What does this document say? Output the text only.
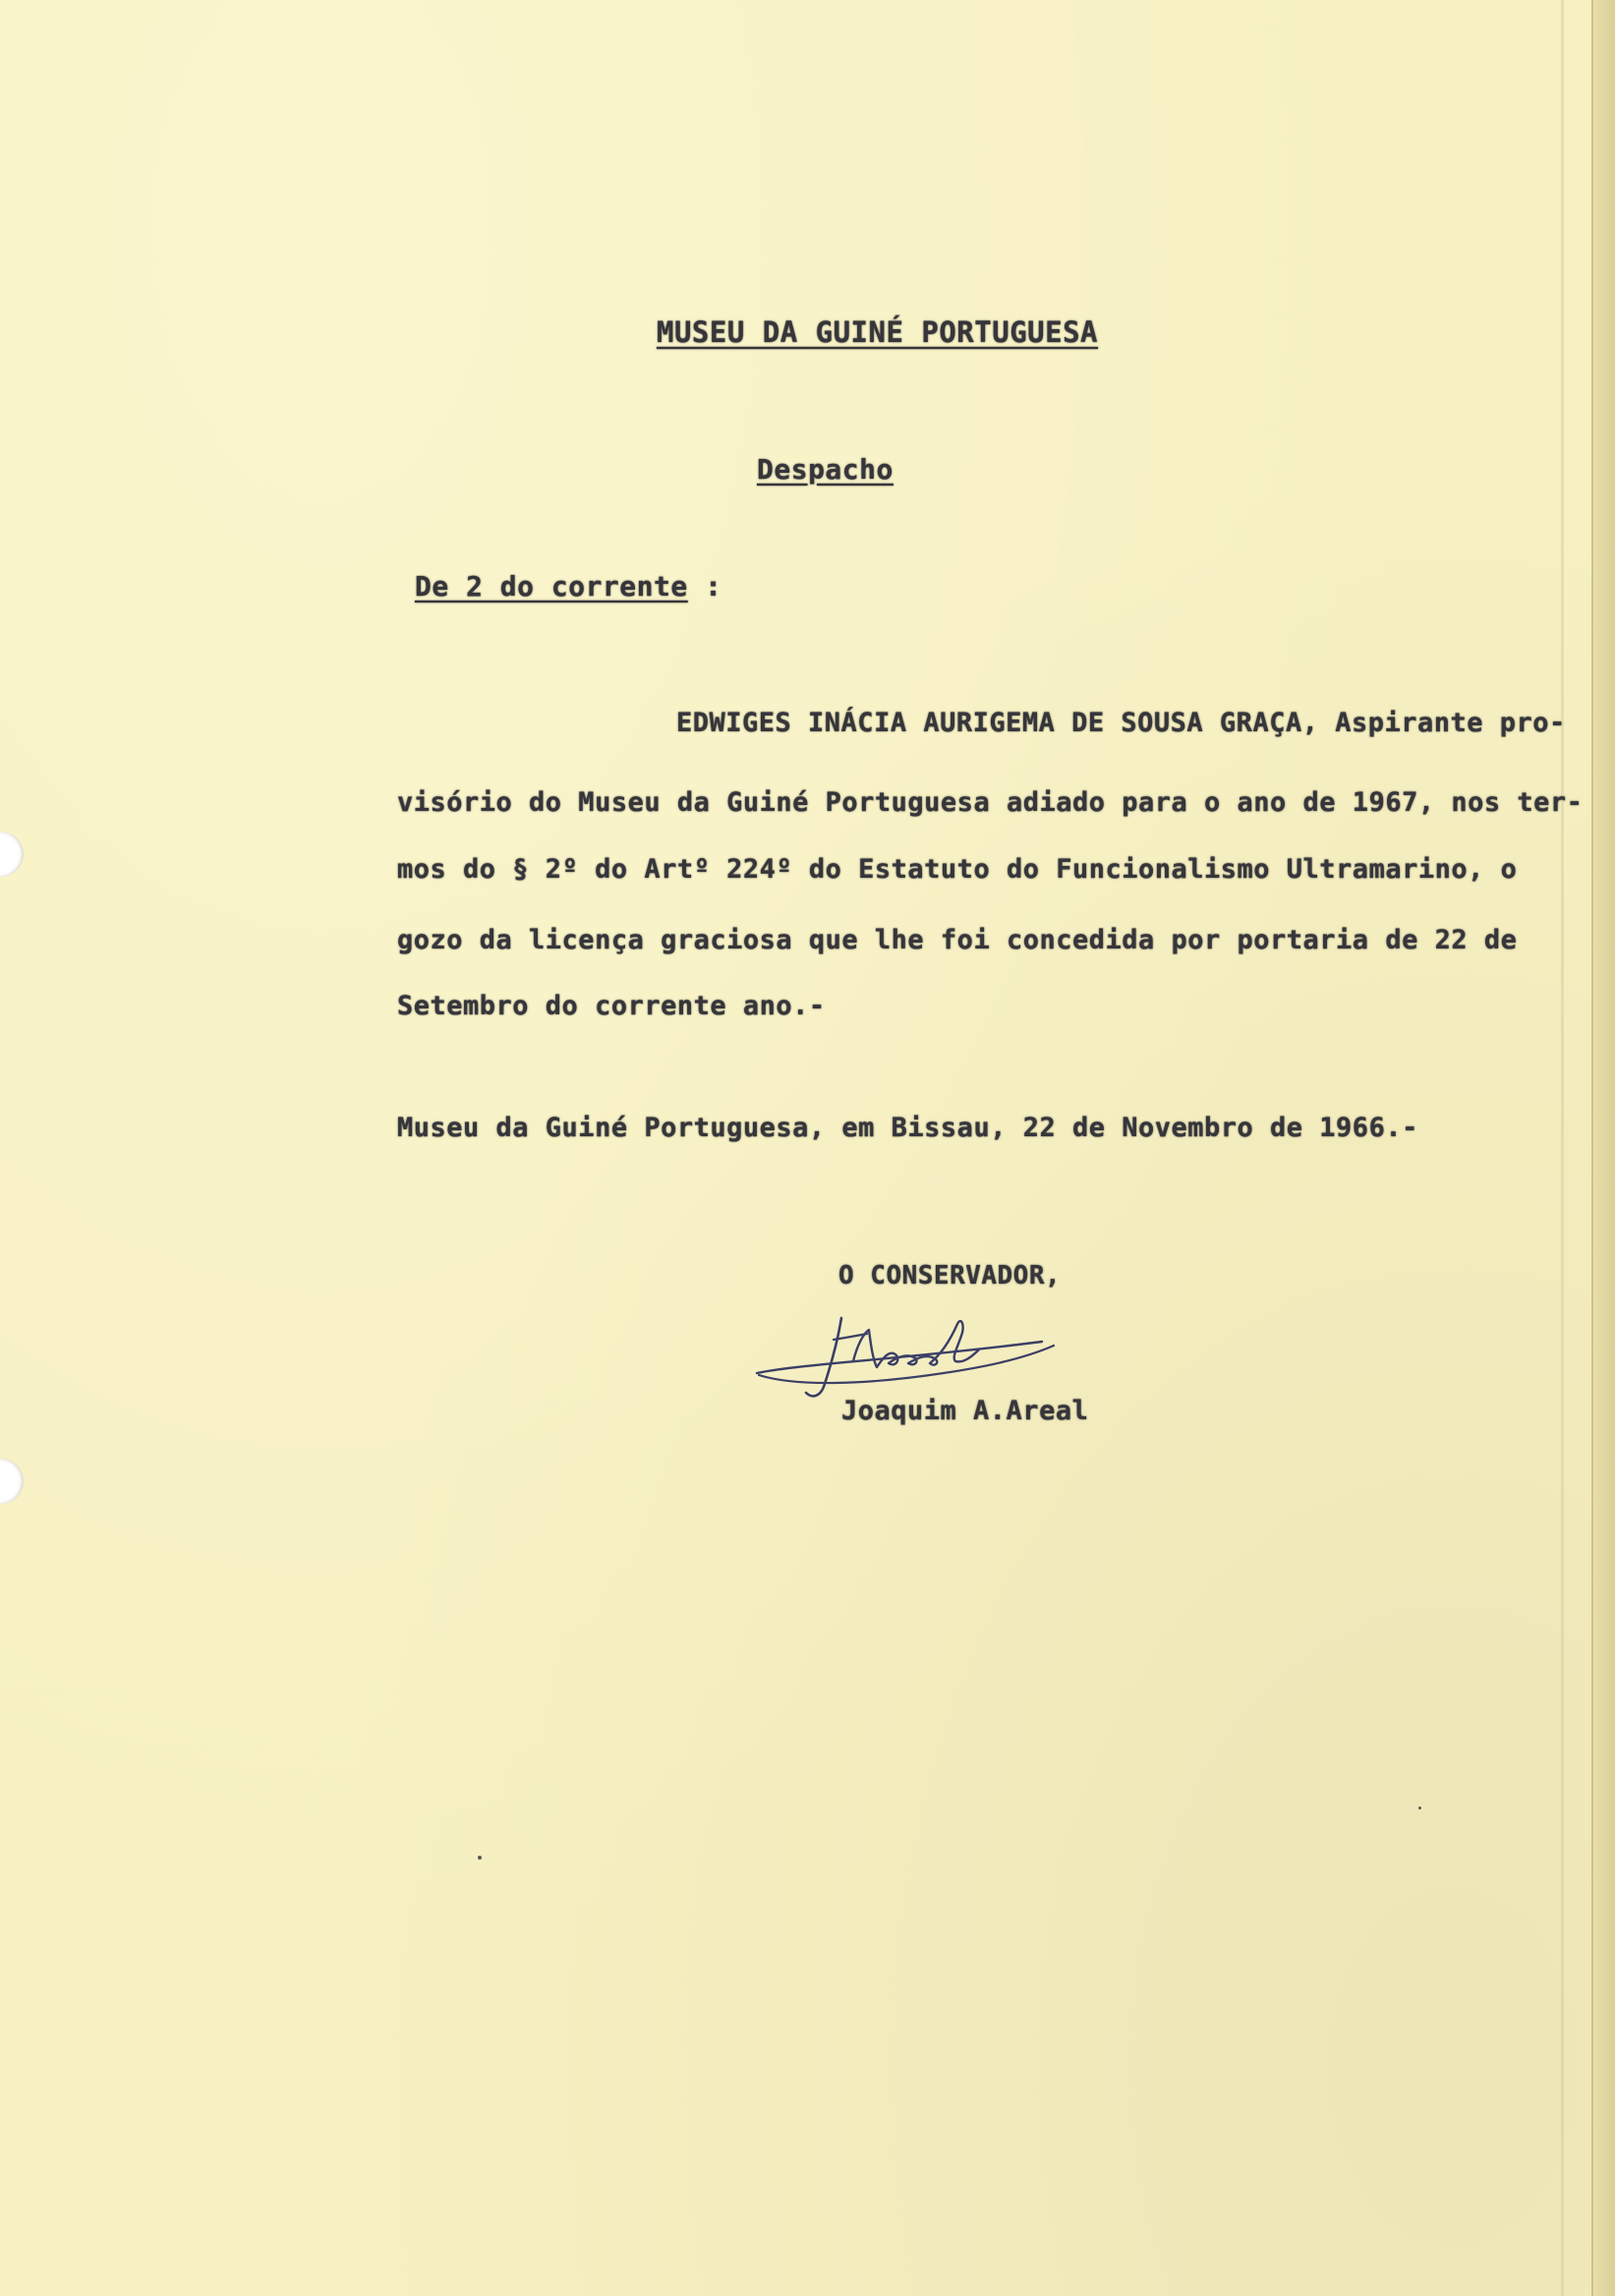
MUSEU DA GUINÉ PORTUGUESA
Despacho
De 2 do corrente :
EDWIGES INÁCIA AURIGEMA DE SOUSA GRAÇA, Aspirante pro-
visório do Museu da Guiné Portuguesa adiado para o ano de 1967, nos ter-
mos do § 2º do Artº 224º do Estatuto do Funcionalismo Ultramarino, o
gozo da licença graciosa que lhe foi concedida por portaria de 22 de
Setembro do corrente ano.-
Museu da Guiné Portuguesa, em Bissau, 22 de Novembro de 1966.-
O CONSERVADOR,
Joaquim A.Areal
